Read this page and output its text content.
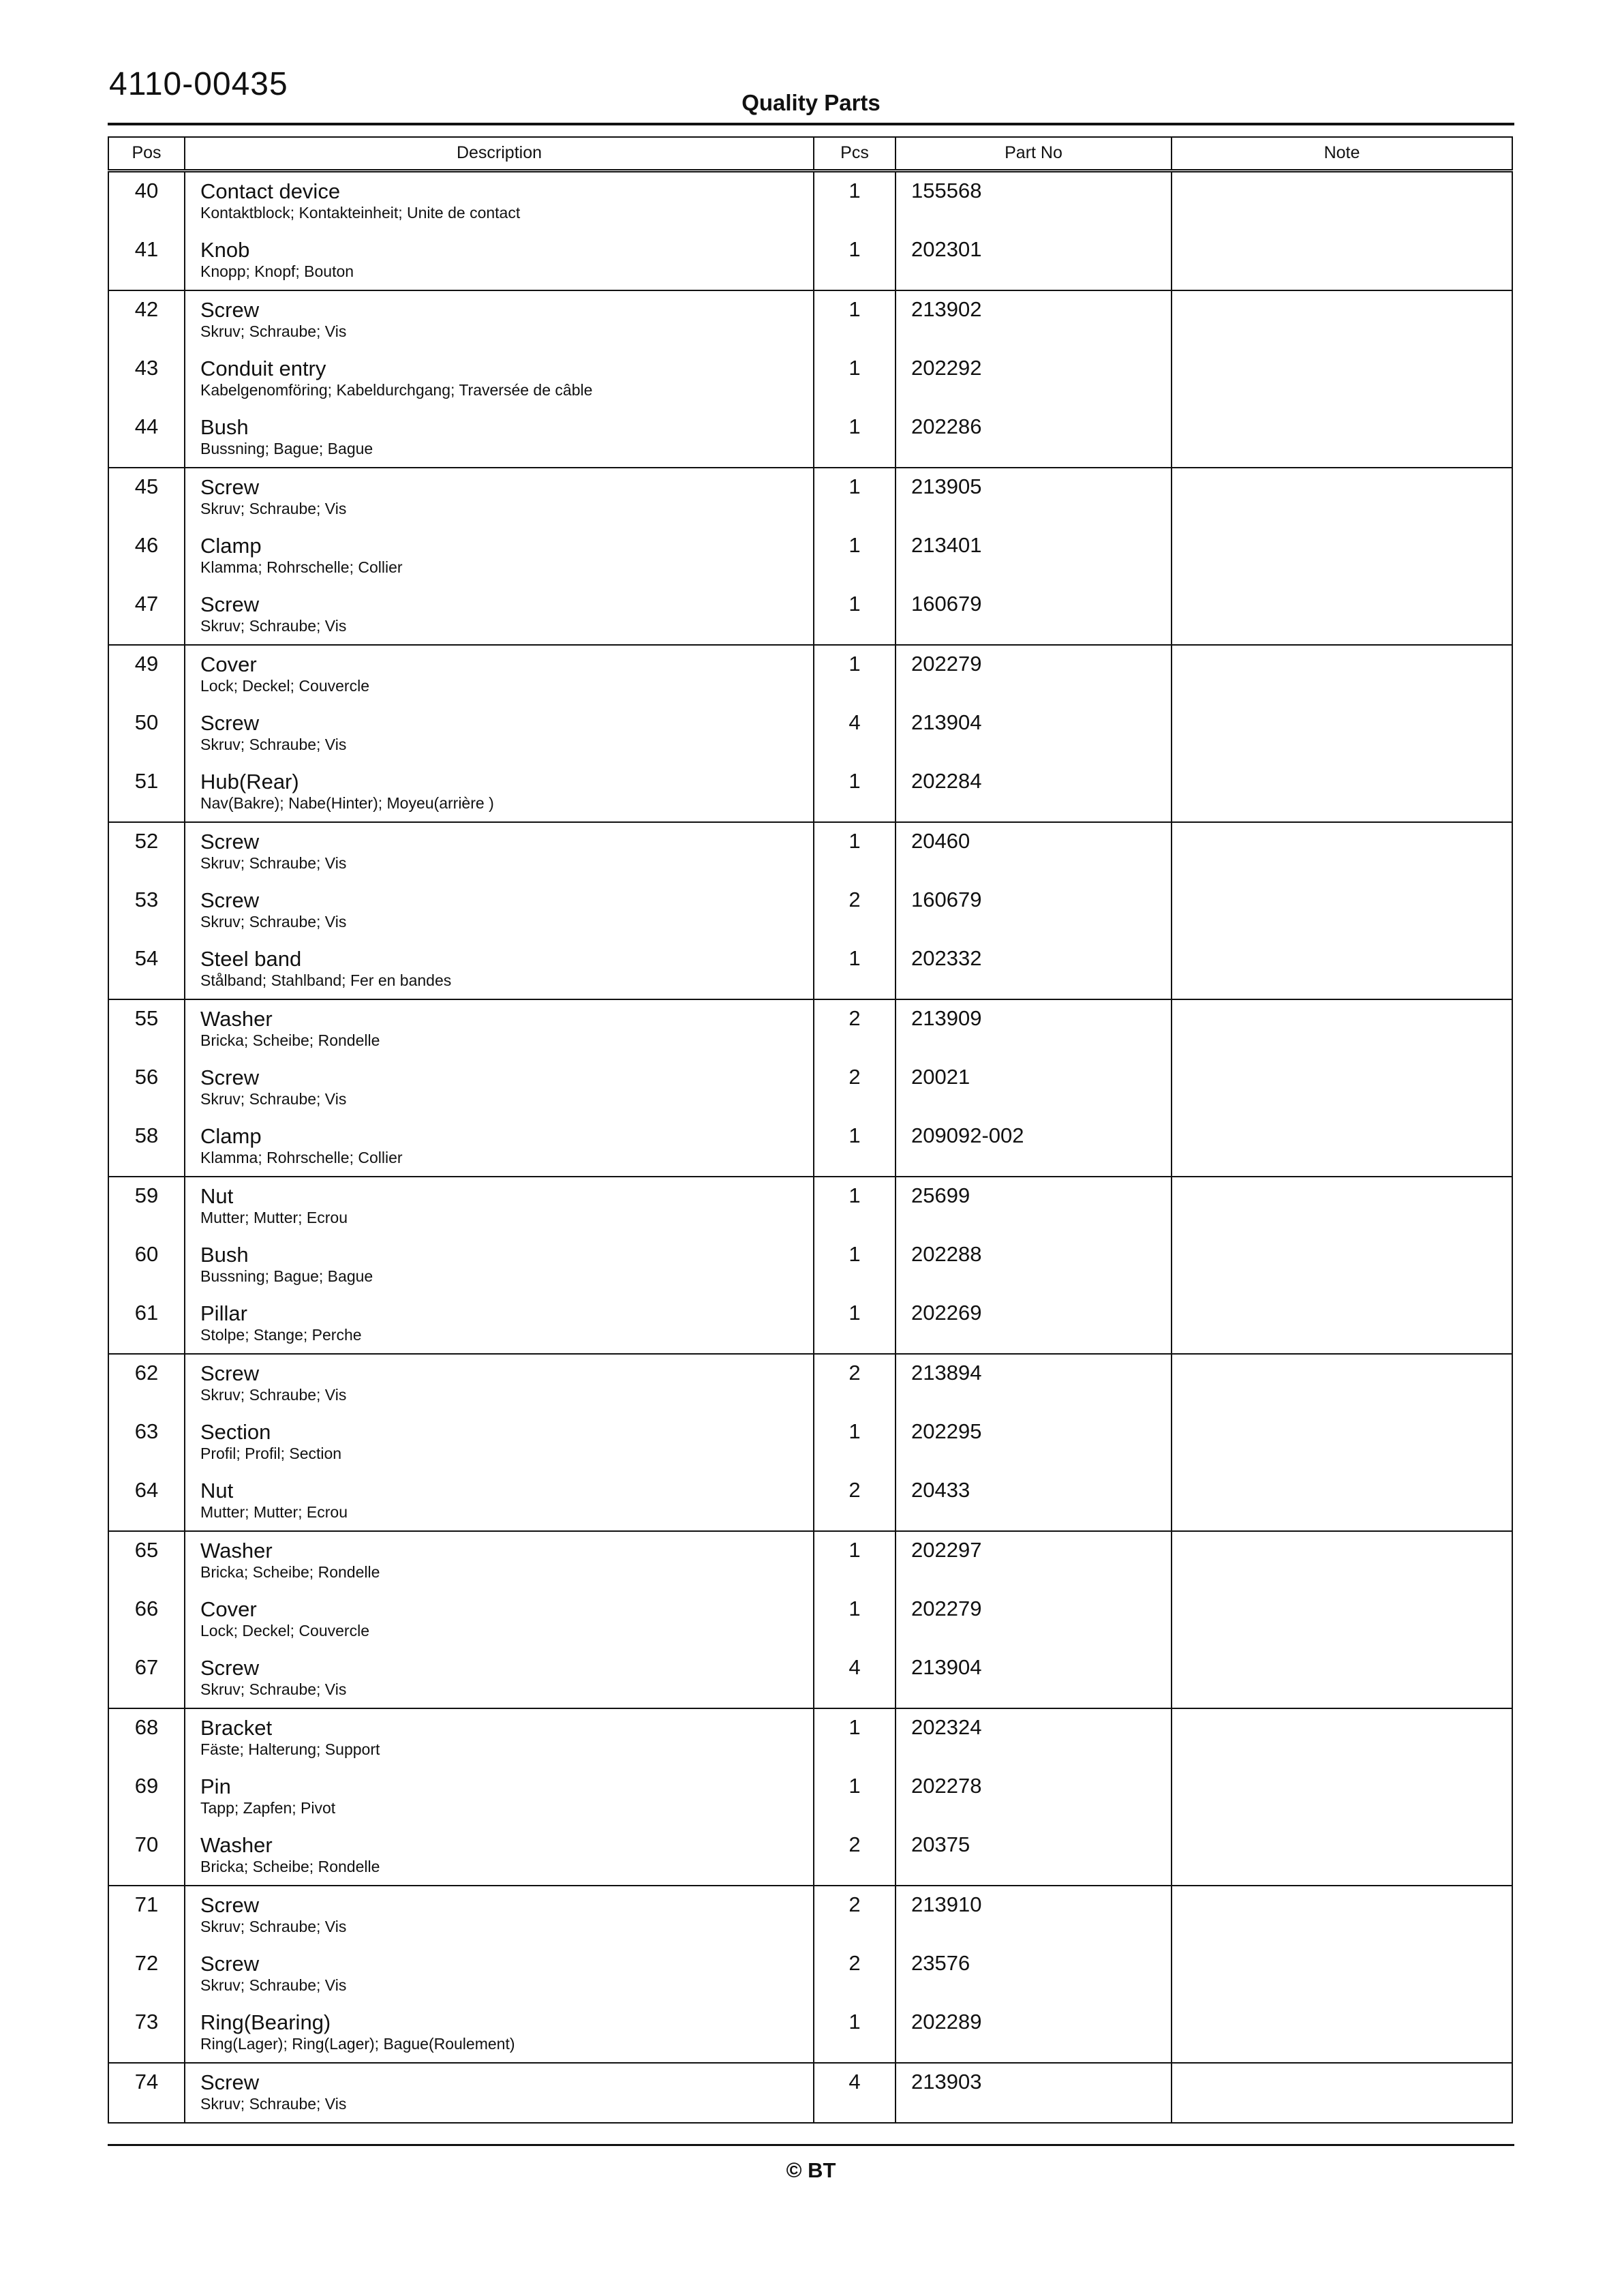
4110-00435
Quality Parts
Pos	Description	Pcs	Part No	Note
40	Contact device
Kontaktblock; Kontakteinheit; Unite de contact	1	155568	
41	Knob
Knopp; Knopf; Bouton	1	202301	
42	Screw
Skruv; Schraube; Vis	1	213902	
43	Conduit entry
Kabelgenomföring; Kabeldurchgang; Traversée de câble	1	202292	
44	Bush
Bussning; Bague; Bague	1	202286	
45	Screw
Skruv; Schraube; Vis	1	213905	
46	Clamp
Klamma; Rohrschelle; Collier	1	213401	
47	Screw
Skruv; Schraube; Vis	1	160679	
49	Cover
Lock; Deckel; Couvercle	1	202279	
50	Screw
Skruv; Schraube; Vis	4	213904	
51	Hub(Rear)
Nav(Bakre); Nabe(Hinter); Moyeu(arrière )	1	202284	
52	Screw
Skruv; Schraube; Vis	1	20460	
53	Screw
Skruv; Schraube; Vis	2	160679	
54	Steel band
Stålband; Stahlband; Fer en bandes	1	202332	
55	Washer
Bricka; Scheibe; Rondelle	2	213909	
56	Screw
Skruv; Schraube; Vis	2	20021	
58	Clamp
Klamma; Rohrschelle; Collier	1	209092-002	
59	Nut
Mutter; Mutter; Ecrou	1	25699	
60	Bush
Bussning; Bague; Bague	1	202288	
61	Pillar
Stolpe; Stange; Perche	1	202269	
62	Screw
Skruv; Schraube; Vis	2	213894	
63	Section
Profil; Profil; Section	1	202295	
64	Nut
Mutter; Mutter; Ecrou	2	20433	
65	Washer
Bricka; Scheibe; Rondelle	1	202297	
66	Cover
Lock; Deckel; Couvercle	1	202279	
67	Screw
Skruv; Schraube; Vis	4	213904	
68	Bracket
Fäste; Halterung; Support	1	202324	
69	Pin
Tapp; Zapfen; Pivot	1	202278	
70	Washer
Bricka; Scheibe; Rondelle	2	20375	
71	Screw
Skruv; Schraube; Vis	2	213910	
72	Screw
Skruv; Schraube; Vis	2	23576	
73	Ring(Bearing)
Ring(Lager); Ring(Lager); Bague(Roulement)	1	202289	
74	Screw
Skruv; Schraube; Vis	4	213903	
© BT
